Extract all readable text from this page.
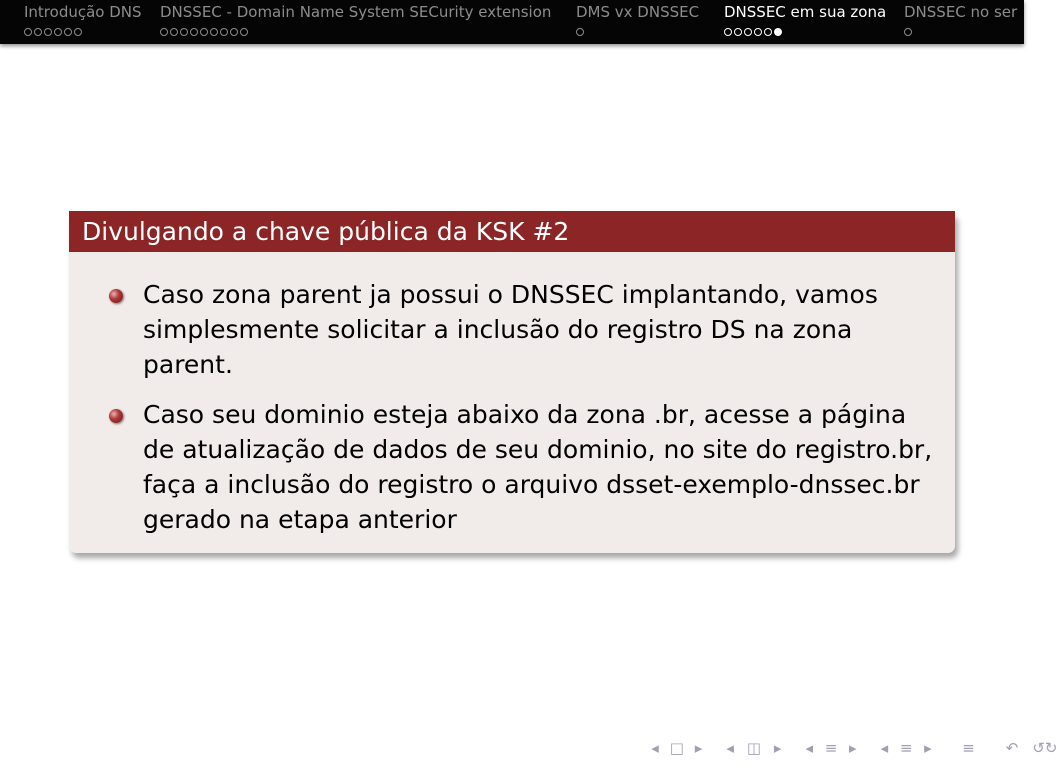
Introdução DNS DNSSEC - Domain Name System SECurity extension DMS vx DNSSEC DNSSEC em sua zona DNSSEC no ser
Divulgando a chave pública da KSK #2
Caso zona parent ja possui o DNSSEC implantando, vamos
simplesmente solicitar a inclusão do registro DS na zona
parent.
Caso seu dominio esteja abaixo da zona .br, acesse a página
de atualização de dados de seu dominio, no site do registro.br,
faça a inclusão do registro o arquivo dsset-exemplo-dnssec.br
gerado na etapa anterior
◂ □ ▸ ◂ ◫ ▸ ◂ ≡ ▸ ◂ ≡ ▸ ≡ ↶ ↺↻
